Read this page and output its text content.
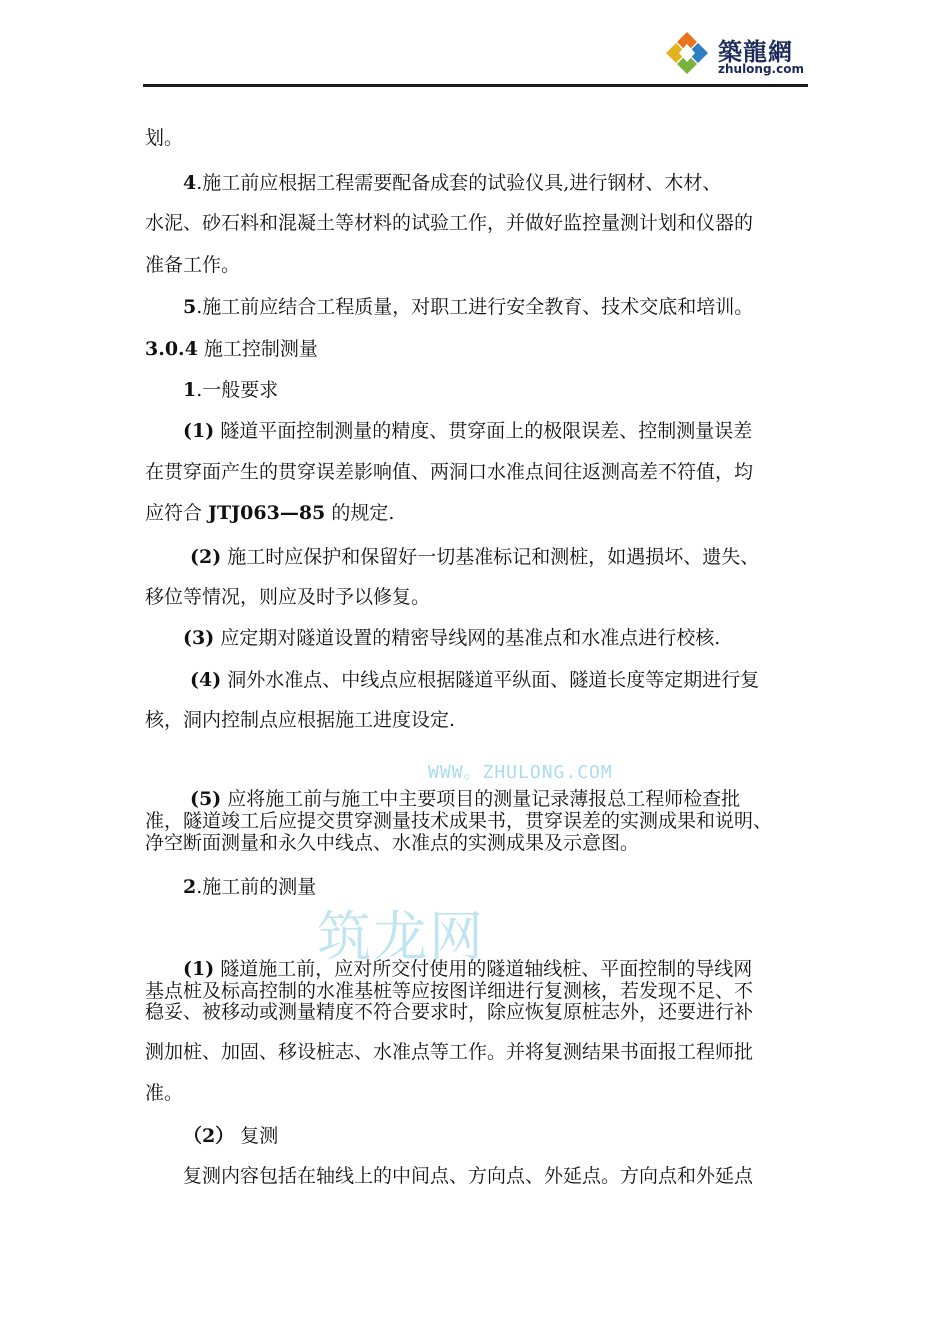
築龍網
zhulong.com
WWW。ZHULONG.COM
筑龙网
划。
4.施工前应根据工程需要配备成套的试验仪具,进行钢材、木材、
水泥、砂石料和混凝土等材料的试验工作，并做好监控量测计划和仪器的
准备工作。
5.施工前应结合工程质量，对职工进行安全教育、技术交底和培训。
3.0.4 施工控制测量
1.一般要求
(1) 隧道平面控制测量的精度、贯穿面上的极限误差、控制测量误差
在贯穿面产生的贯穿误差影响值、两洞口水准点间往返测高差不符值，均
应符合 JTJ063—85 的规定.
(2) 施工时应保护和保留好一切基准标记和测桩，如遇损坏、遗失、
移位等情况，则应及时予以修复。
(3) 应定期对隧道设置的精密导线网的基准点和水准点进行校核.
(4) 洞外水准点、中线点应根据隧道平纵面、隧道长度等定期进行复
核，洞内控制点应根据施工进度设定.
(5) 应将施工前与施工中主要项目的测量记录薄报总工程师检查批
准，隧道竣工后应提交贯穿测量技术成果书，贯穿误差的实测成果和说明、
净空断面测量和永久中线点、水准点的实测成果及示意图。
2.施工前的测量
(1) 隧道施工前，应对所交付使用的隧道轴线桩、平面控制的导线网
基点桩及标高控制的水准基桩等应按图详细进行复测核，若发现不足、不
稳妥、被移动或测量精度不符合要求时，除应恢复原桩志外，还要进行补
测加桩、加固、移设桩志、水准点等工作。并将复测结果书面报工程师批
准。
（2） 复测
复测内容包括在轴线上的中间点、方向点、外延点。方向点和外延点
